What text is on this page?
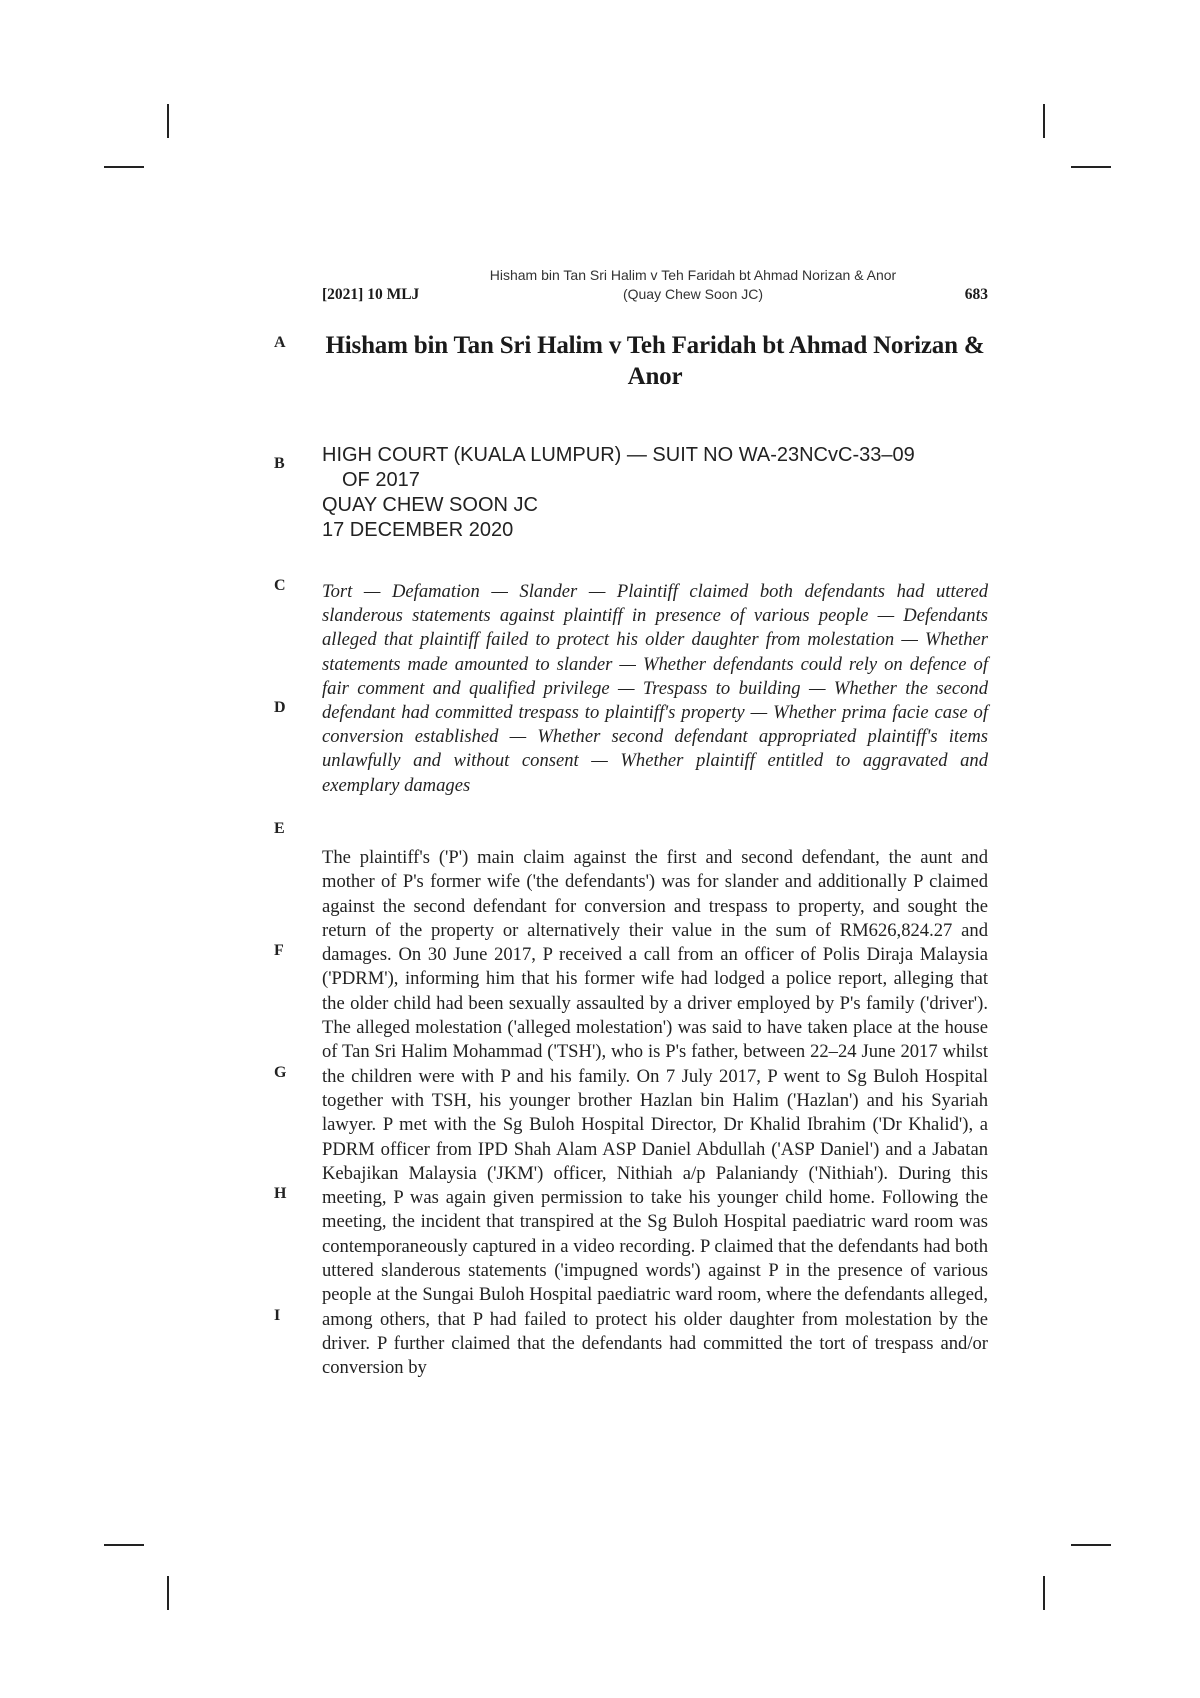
[2021] 10 MLJ
Hisham bin Tan Sri Halim v Teh Faridah bt Ahmad Norizan & Anor (Quay Chew Soon JC)	683
A
B
C
D
E
F
G
H
I
Hisham bin Tan Sri Halim v Teh Faridah bt Ahmad Norizan & Anor
HIGH COURT (KUALA LUMPUR) — SUIT NO WA-23NCvC-33–09
OF 2017
QUAY CHEW SOON JC
17 DECEMBER 2020
Tort — Defamation — Slander — Plaintiff claimed both defendants had uttered slanderous statements against plaintiff in presence of various people — Defendants alleged that plaintiff failed to protect his older daughter from molestation — Whether statements made amounted to slander — Whether defendants could rely on defence of fair comment and qualified privilege — Trespass to building — Whether the second defendant had committed trespass to plaintiff's property — Whether prima facie case of conversion established — Whether second defendant appropriated plaintiff's items unlawfully and without consent — Whether plaintiff entitled to aggravated and exemplary damages
The plaintiff's ('P') main claim against the first and second defendant, the aunt and mother of P's former wife ('the defendants') was for slander and additionally P claimed against the second defendant for conversion and trespass to property, and sought the return of the property or alternatively their value in the sum of RM626,824.27 and damages. On 30 June 2017, P received a call from an officer of Polis Diraja Malaysia ('PDRM'), informing him that his former wife had lodged a police report, alleging that the older child had been sexually assaulted by a driver employed by P's family ('driver'). The alleged molestation ('alleged molestation') was said to have taken place at the house of Tan Sri Halim Mohammad ('TSH'), who is P's father, between 22–24 June 2017 whilst the children were with P and his family. On 7 July 2017, P went to Sg Buloh Hospital together with TSH, his younger brother Hazlan bin Halim ('Hazlan') and his Syariah lawyer. P met with the Sg Buloh Hospital Director, Dr Khalid Ibrahim ('Dr Khalid'), a PDRM officer from IPD Shah Alam ASP Daniel Abdullah ('ASP Daniel') and a Jabatan Kebajikan Malaysia ('JKM') officer, Nithiah a/p Palaniandy ('Nithiah'). During this meeting, P was again given permission to take his younger child home. Following the meeting, the incident that transpired at the Sg Buloh Hospital paediatric ward room was contemporaneously captured in a video recording. P claimed that the defendants had both uttered slanderous statements ('impugned words') against P in the presence of various people at the Sungai Buloh Hospital paediatric ward room, where the defendants alleged, among others, that P had failed to protect his older daughter from molestation by the driver. P further claimed that the defendants had committed the tort of trespass and/or conversion by
